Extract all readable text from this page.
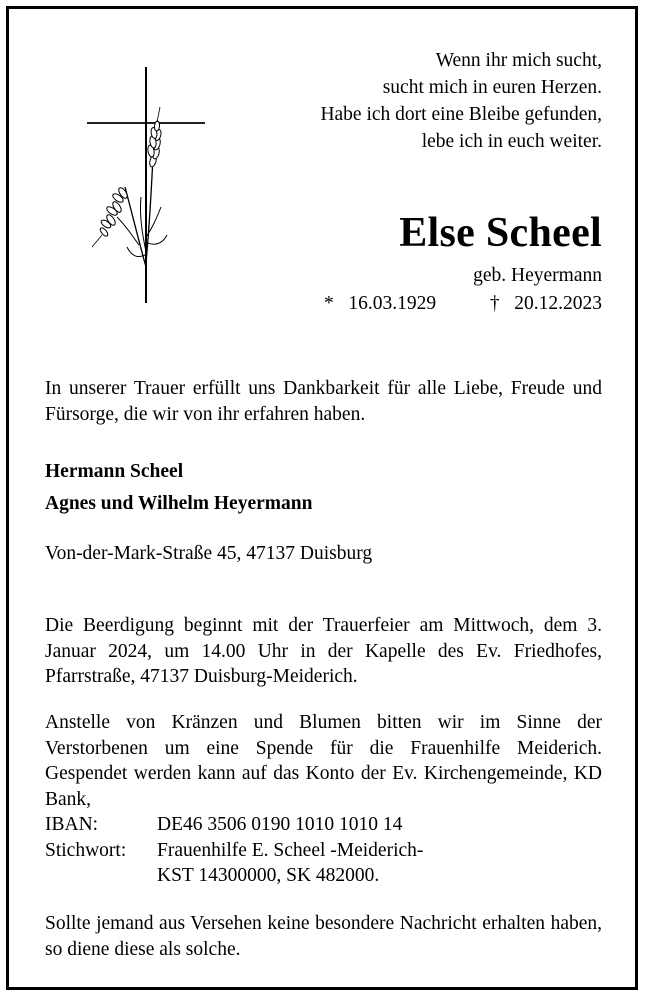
Wenn ihr mich sucht,
sucht mich in euren Herzen.
Habe ich dort eine Bleibe gefunden,
lebe ich in euch weiter.
Else Scheel
geb. Heyermann
* 16.03.1929	† 20.12.2023
In unserer Trauer erfüllt uns Dankbarkeit für alle Liebe, Freude und Fürsorge, die wir von ihr erfahren haben.
Hermann Scheel
Agnes und Wilhelm Heyermann
Von-der-Mark-Straße 45, 47137 Duisburg
Die Beerdigung beginnt mit der Trauerfeier am Mittwoch, dem 3. Januar 2024, um 14.00 Uhr in der Kapelle des Ev. Friedhofes, Pfarrstraße, 47137 Duisburg-Meiderich.
Anstelle von Kränzen und Blumen bitten wir im Sinne der Verstorbenen um eine Spende für die Frauenhilfe Meiderich. Gespendet werden kann auf das Konto der Ev. Kirchengemeinde, KD Bank,
IBAN:	DE46 3506 0190 1010 1010 14
Stichwort:	Frauenhilfe E. Scheel -Meiderich-
KST 14300000, SK 482000.
Sollte jemand aus Versehen keine besondere Nachricht erhalten haben, so diene diese als solche.
